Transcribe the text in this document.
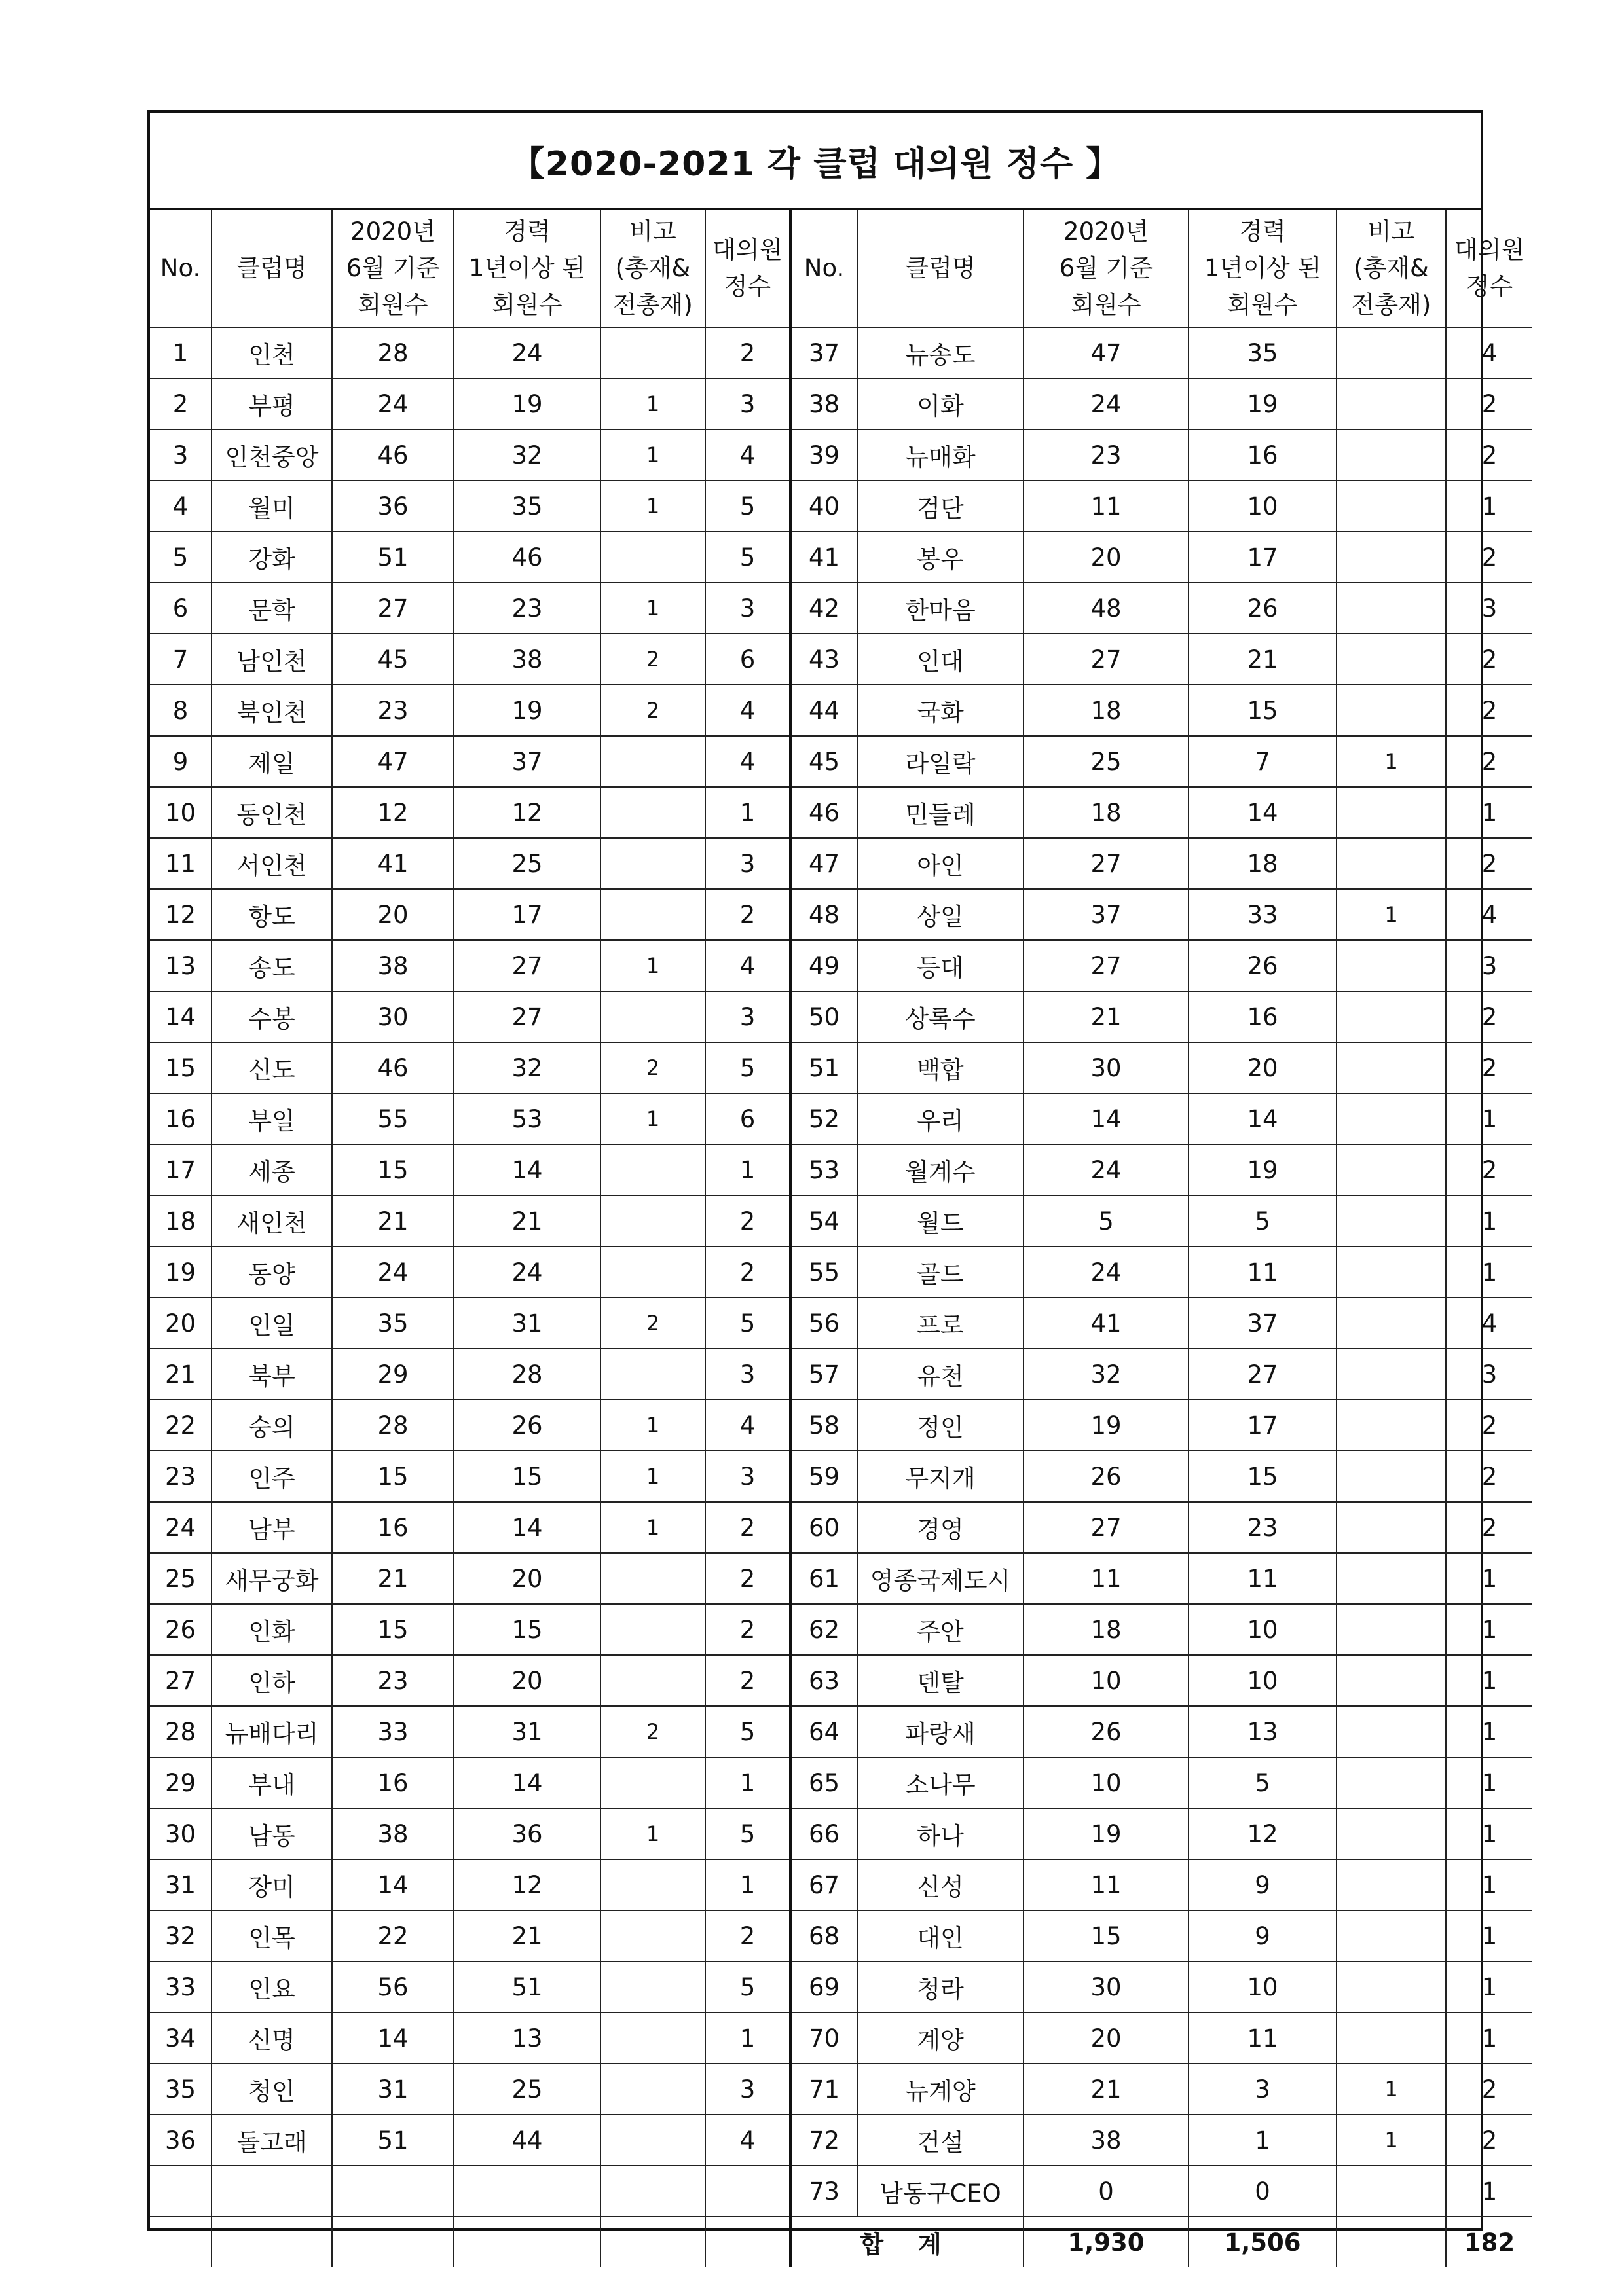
【2020-2021 각 클럽 대의원 정수 】
No.	클럽명	2020년
6월 기준
회원수	경력
1년이상 된
회원수	비고
(총재&
전총재)	대의원
정수	No.	클럽명	2020년
6월 기준
회원수	경력
1년이상 된
회원수	비고
(총재&
전총재)	대의원
정수
1	인천	28	24		2	37	뉴송도	47	35		4
2	부평	24	19	1	3	38	이화	24	19		2
3	인천중앙	46	32	1	4	39	뉴매화	23	16		2
4	월미	36	35	1	5	40	검단	11	10		1
5	강화	51	46		5	41	봉우	20	17		2
6	문학	27	23	1	3	42	한마음	48	26		3
7	남인천	45	38	2	6	43	인대	27	21		2
8	북인천	23	19	2	4	44	국화	18	15		2
9	제일	47	37		4	45	라일락	25	7	1	2
10	동인천	12	12		1	46	민들레	18	14		1
11	서인천	41	25		3	47	아인	27	18		2
12	항도	20	17		2	48	상일	37	33	1	4
13	송도	38	27	1	4	49	등대	27	26		3
14	수봉	30	27		3	50	상록수	21	16		2
15	신도	46	32	2	5	51	백합	30	20		2
16	부일	55	53	1	6	52	우리	14	14		1
17	세종	15	14		1	53	월계수	24	19		2
18	새인천	21	21		2	54	월드	5	5		1
19	동양	24	24		2	55	골드	24	11		1
20	인일	35	31	2	5	56	프로	41	37		4
21	북부	29	28		3	57	유천	32	27		3
22	숭의	28	26	1	4	58	정인	19	17		2
23	인주	15	15	1	3	59	무지개	26	15		2
24	남부	16	14	1	2	60	경영	27	23		2
25	새무궁화	21	20		2	61	영종국제도시	11	11		1
26	인화	15	15		2	62	주안	18	10		1
27	인하	23	20		2	63	덴탈	10	10		1
28	뉴배다리	33	31	2	5	64	파랑새	26	13		1
29	부내	16	14		1	65	소나무	10	5		1
30	남동	38	36	1	5	66	하나	19	12		1
31	장미	14	12		1	67	신성	11	9		1
32	인목	22	21		2	68	대인	15	9		1
33	인요	56	51		5	69	청라	30	10		1
34	신명	14	13		1	70	계양	20	11		1
35	청인	31	25		3	71	뉴계양	21	3	1	2
36	돌고래	51	44		4	72	건설	38	1	1	2
						73	남동구CEO	0	0		1
						합 계		1,930	1,506		182
